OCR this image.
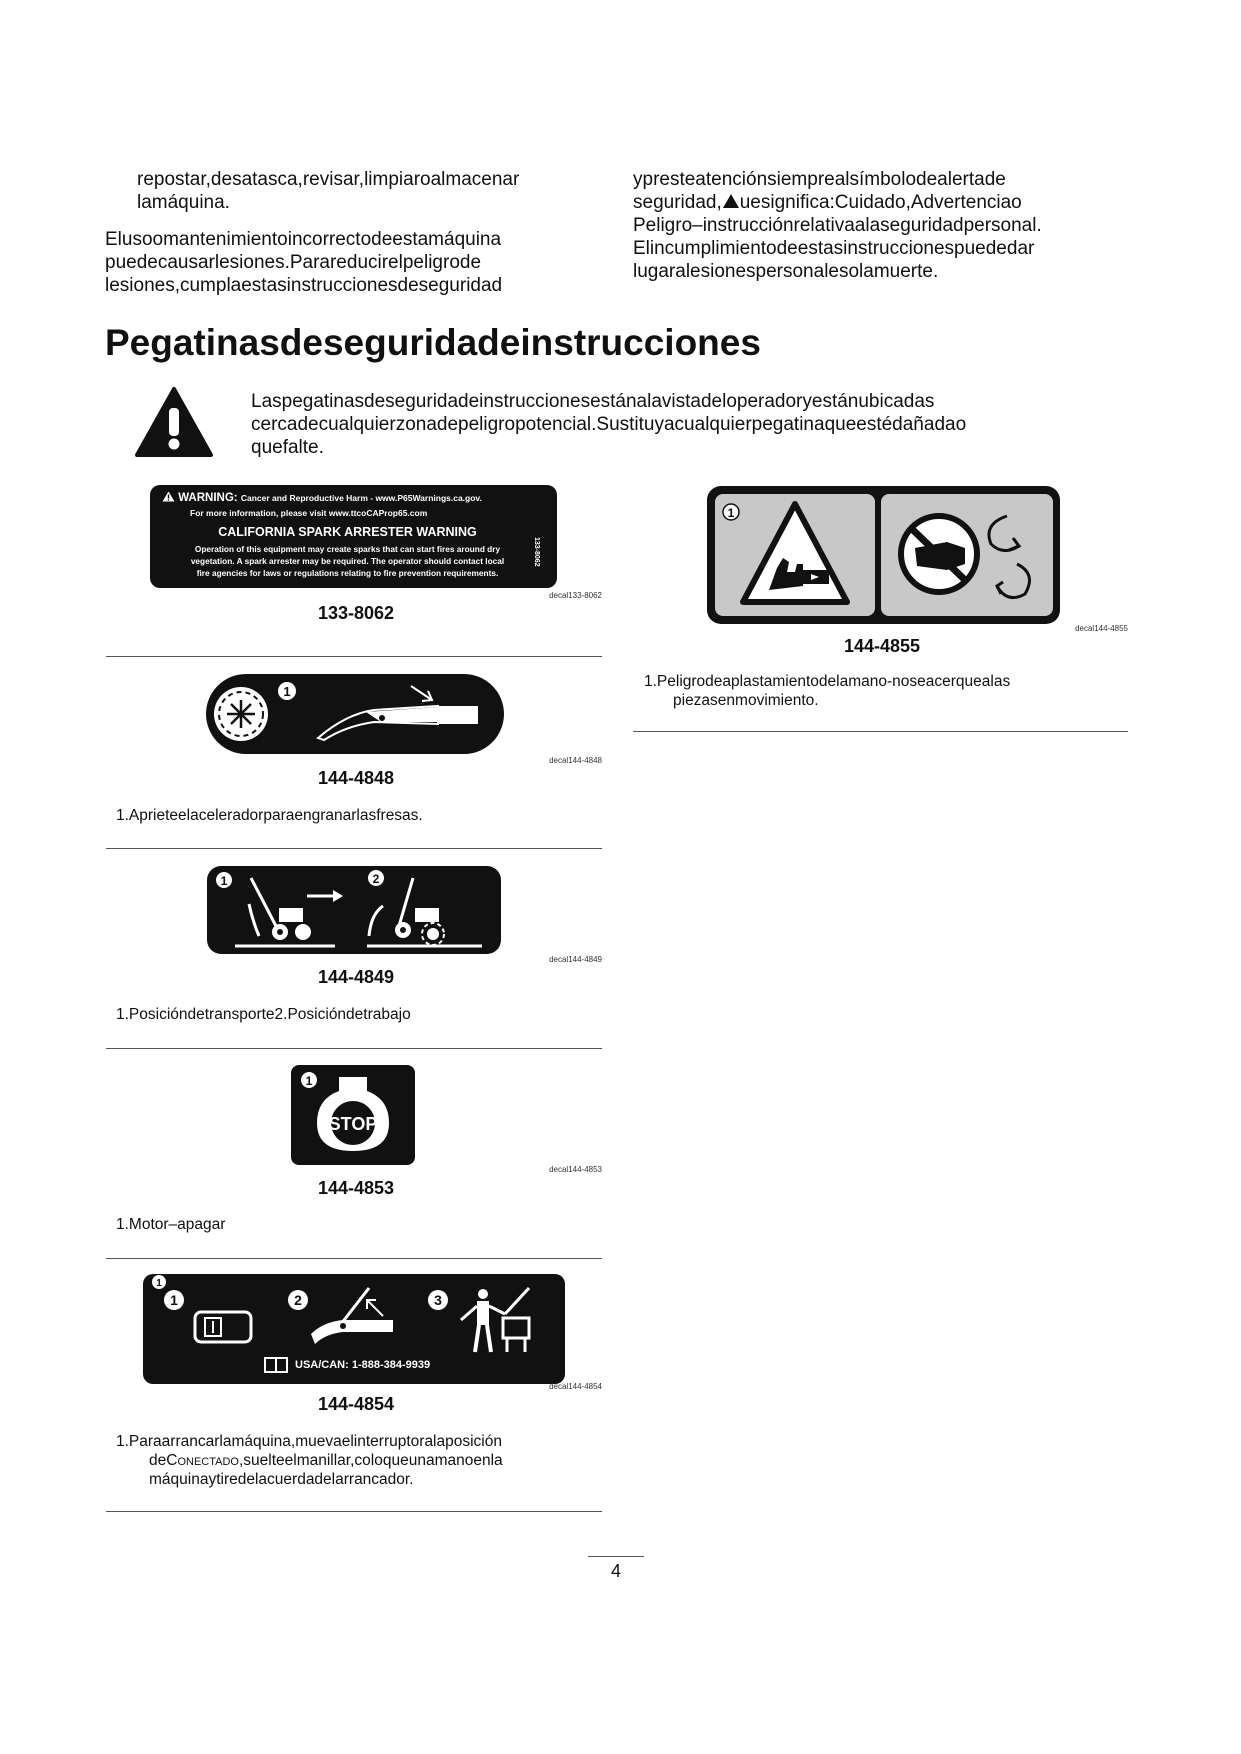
repostar,desatasca,revisar,limpiaroalmacenar
lamáquina.
Elusoomantenimientoincorrectodeestamáquina
puedecausarlesiones.Parareducirelpeligrode
lesiones,cumplaestasinstruccionesdeseguridad
ypresteatenciónsiemprealsímbolodealertade
seguridad, uesignifica:Cuidado,Advertenciao
Peligro–instrucciónrelativaalaseguridadpersonal.
Elincumplimientodeestasinstruccionespuededar
lugaralesionespersonalesolamuerte.
Pegatinasdeseguridadeinstrucciones
Laspegatinasdeseguridadeinstruccionesestánalavistadeloperadoryestánubicadas
cercadecualquierzonadepeligropotencial.Sustituyacualquierpegatinaqueestédañadao
quefalte.
WARNING: Cancer and Reproductive Harm - www.P65Warnings.ca.gov.
For more information, please visit www.ttcoCAProp65.com
CALIFORNIA SPARK ARRESTER WARNING
Operation of this equipment may create sparks that can start fires around dry
vegetation. A spark arrester may be required. The operator should contact local
fire agencies for laws or regulations relating to fire prevention requirements.
133-8062
decal133-8062
133-8062
1
decal144-4848
144-4848
1.Aprieteelaceleradorparaengranarlasfresas.
1	2
decal144-4849
144-4849
1.Posicióndetransporte2.Posicióndetrabajo
1
STOP
decal144-4853
144-4853
1.Motor–apagar
1
1	2	3
USA/CAN: 1-888-384-9939
decal144-4854
144-4854
1.Paraarrancarlamáquina,muevaelinterruptoralaposición
deConectado,suelteelmanillar,coloqueunamanoenla
máquinaytiredelacuerdadelarrancador.
1
decal144-4855
144-4855
1.Peligrodeaplastamientodelamano-noseacerquealas
piezasenmovimiento.
4
